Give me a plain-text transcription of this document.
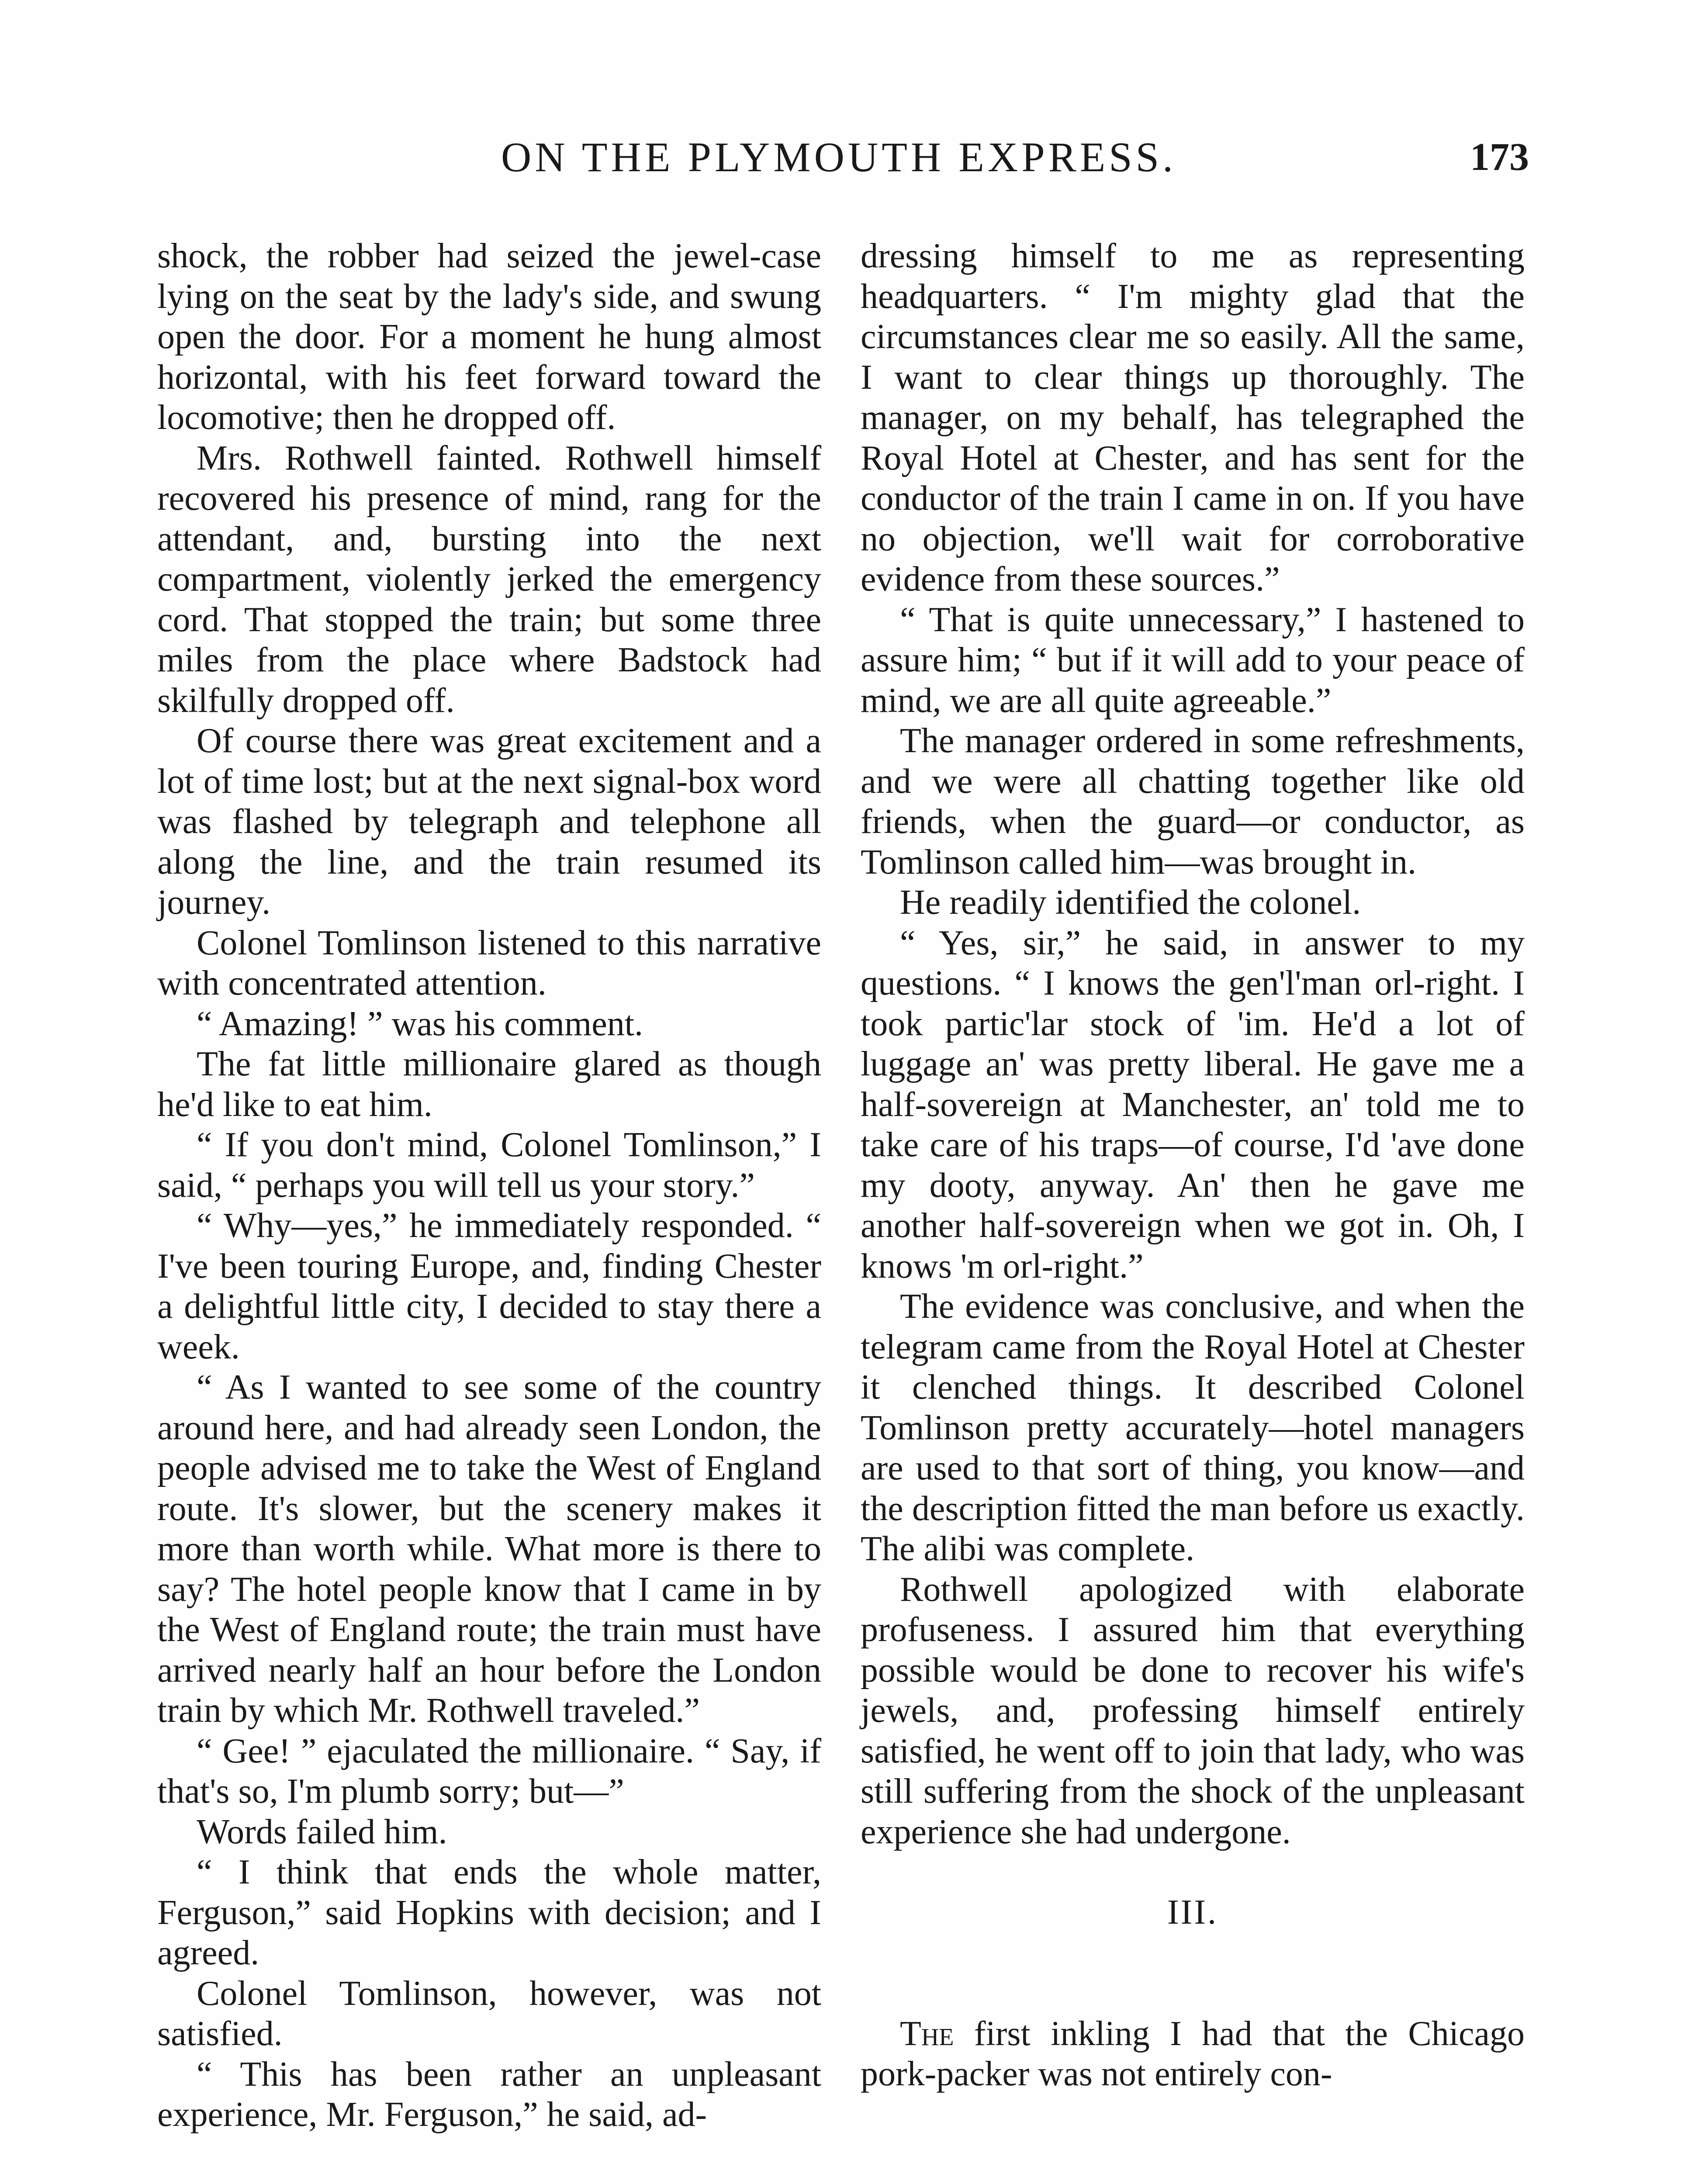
ON THE PLYMOUTH EXPRESS.	173

shock, the robber had seized the jewel-case lying on the seat by the lady's side, and swung open the door. For a moment he hung almost horizontal, with his feet forward toward the locomotive; then he dropped off.

Mrs. Rothwell fainted. Rothwell himself recovered his presence of mind, rang for the attendant, and, bursting into the next compartment, violently jerked the emergency cord. That stopped the train; but some three miles from the place where Badstock had skilfully dropped off.

Of course there was great excitement and a lot of time lost; but at the next signal-box word was flashed by telegraph and telephone all along the line, and the train resumed its journey.

Colonel Tomlinson listened to this narrative with concentrated attention.

“ Amazing! ” was his comment.

The fat little millionaire glared as though he'd like to eat him.

“ If you don't mind, Colonel Tomlinson,” I said, “ perhaps you will tell us your story.”

“ Why—yes,” he immediately responded. “ I've been touring Europe, and, finding Chester a delightful little city, I decided to stay there a week.

“ As I wanted to see some of the country around here, and had already seen London, the people advised me to take the West of England route. It's slower, but the scenery makes it more than worth while. What more is there to say? The hotel people know that I came in by the West of England route; the train must have arrived nearly half an hour before the London train by which Mr. Rothwell traveled.”

“ Gee! ” ejaculated the millionaire. “ Say, if that's so, I'm plumb sorry; but—”

Words failed him.

“ I think that ends the whole matter, Ferguson,” said Hopkins with decision; and I agreed.

Colonel Tomlinson, however, was not satisfied.

“ This has been rather an unpleasant experience, Mr. Ferguson,” he said, ad-

dressing himself to me as representing headquarters. “ I'm mighty glad that the circumstances clear me so easily. All the same, I want to clear things up thoroughly. The manager, on my behalf, has telegraphed the Royal Hotel at Chester, and has sent for the conductor of the train I came in on. If you have no objection, we'll wait for corroborative evidence from these sources.”

“ That is quite unnecessary,” I hastened to assure him; “ but if it will add to your peace of mind, we are all quite agreeable.”

The manager ordered in some refreshments, and we were all chatting together like old friends, when the guard—or conductor, as Tomlinson called him—was brought in.

He readily identified the colonel.

“ Yes, sir,” he said, in answer to my questions. “ I knows the gen'l'man orl-right. I took partic'lar stock of 'im. He'd a lot of luggage an' was pretty liberal. He gave me a half-sovereign at Manchester, an' told me to take care of his traps—of course, I'd 'ave done my dooty, anyway. An' then he gave me another half-sovereign when we got in. Oh, I knows 'm orl-right.”

The evidence was conclusive, and when the telegram came from the Royal Hotel at Chester it clenched things. It described Colonel Tomlinson pretty accurately—hotel managers are used to that sort of thing, you know—and the description fitted the man before us exactly. The alibi was complete.

Rothwell apologized with elaborate profuseness. I assured him that everything possible would be done to recover his wife's jewels, and, professing himself entirely satisfied, he went off to join that lady, who was still suffering from the shock of the unpleasant experience she had undergone.

III.

The first inkling I had that the Chicago pork-packer was not entirely con-
